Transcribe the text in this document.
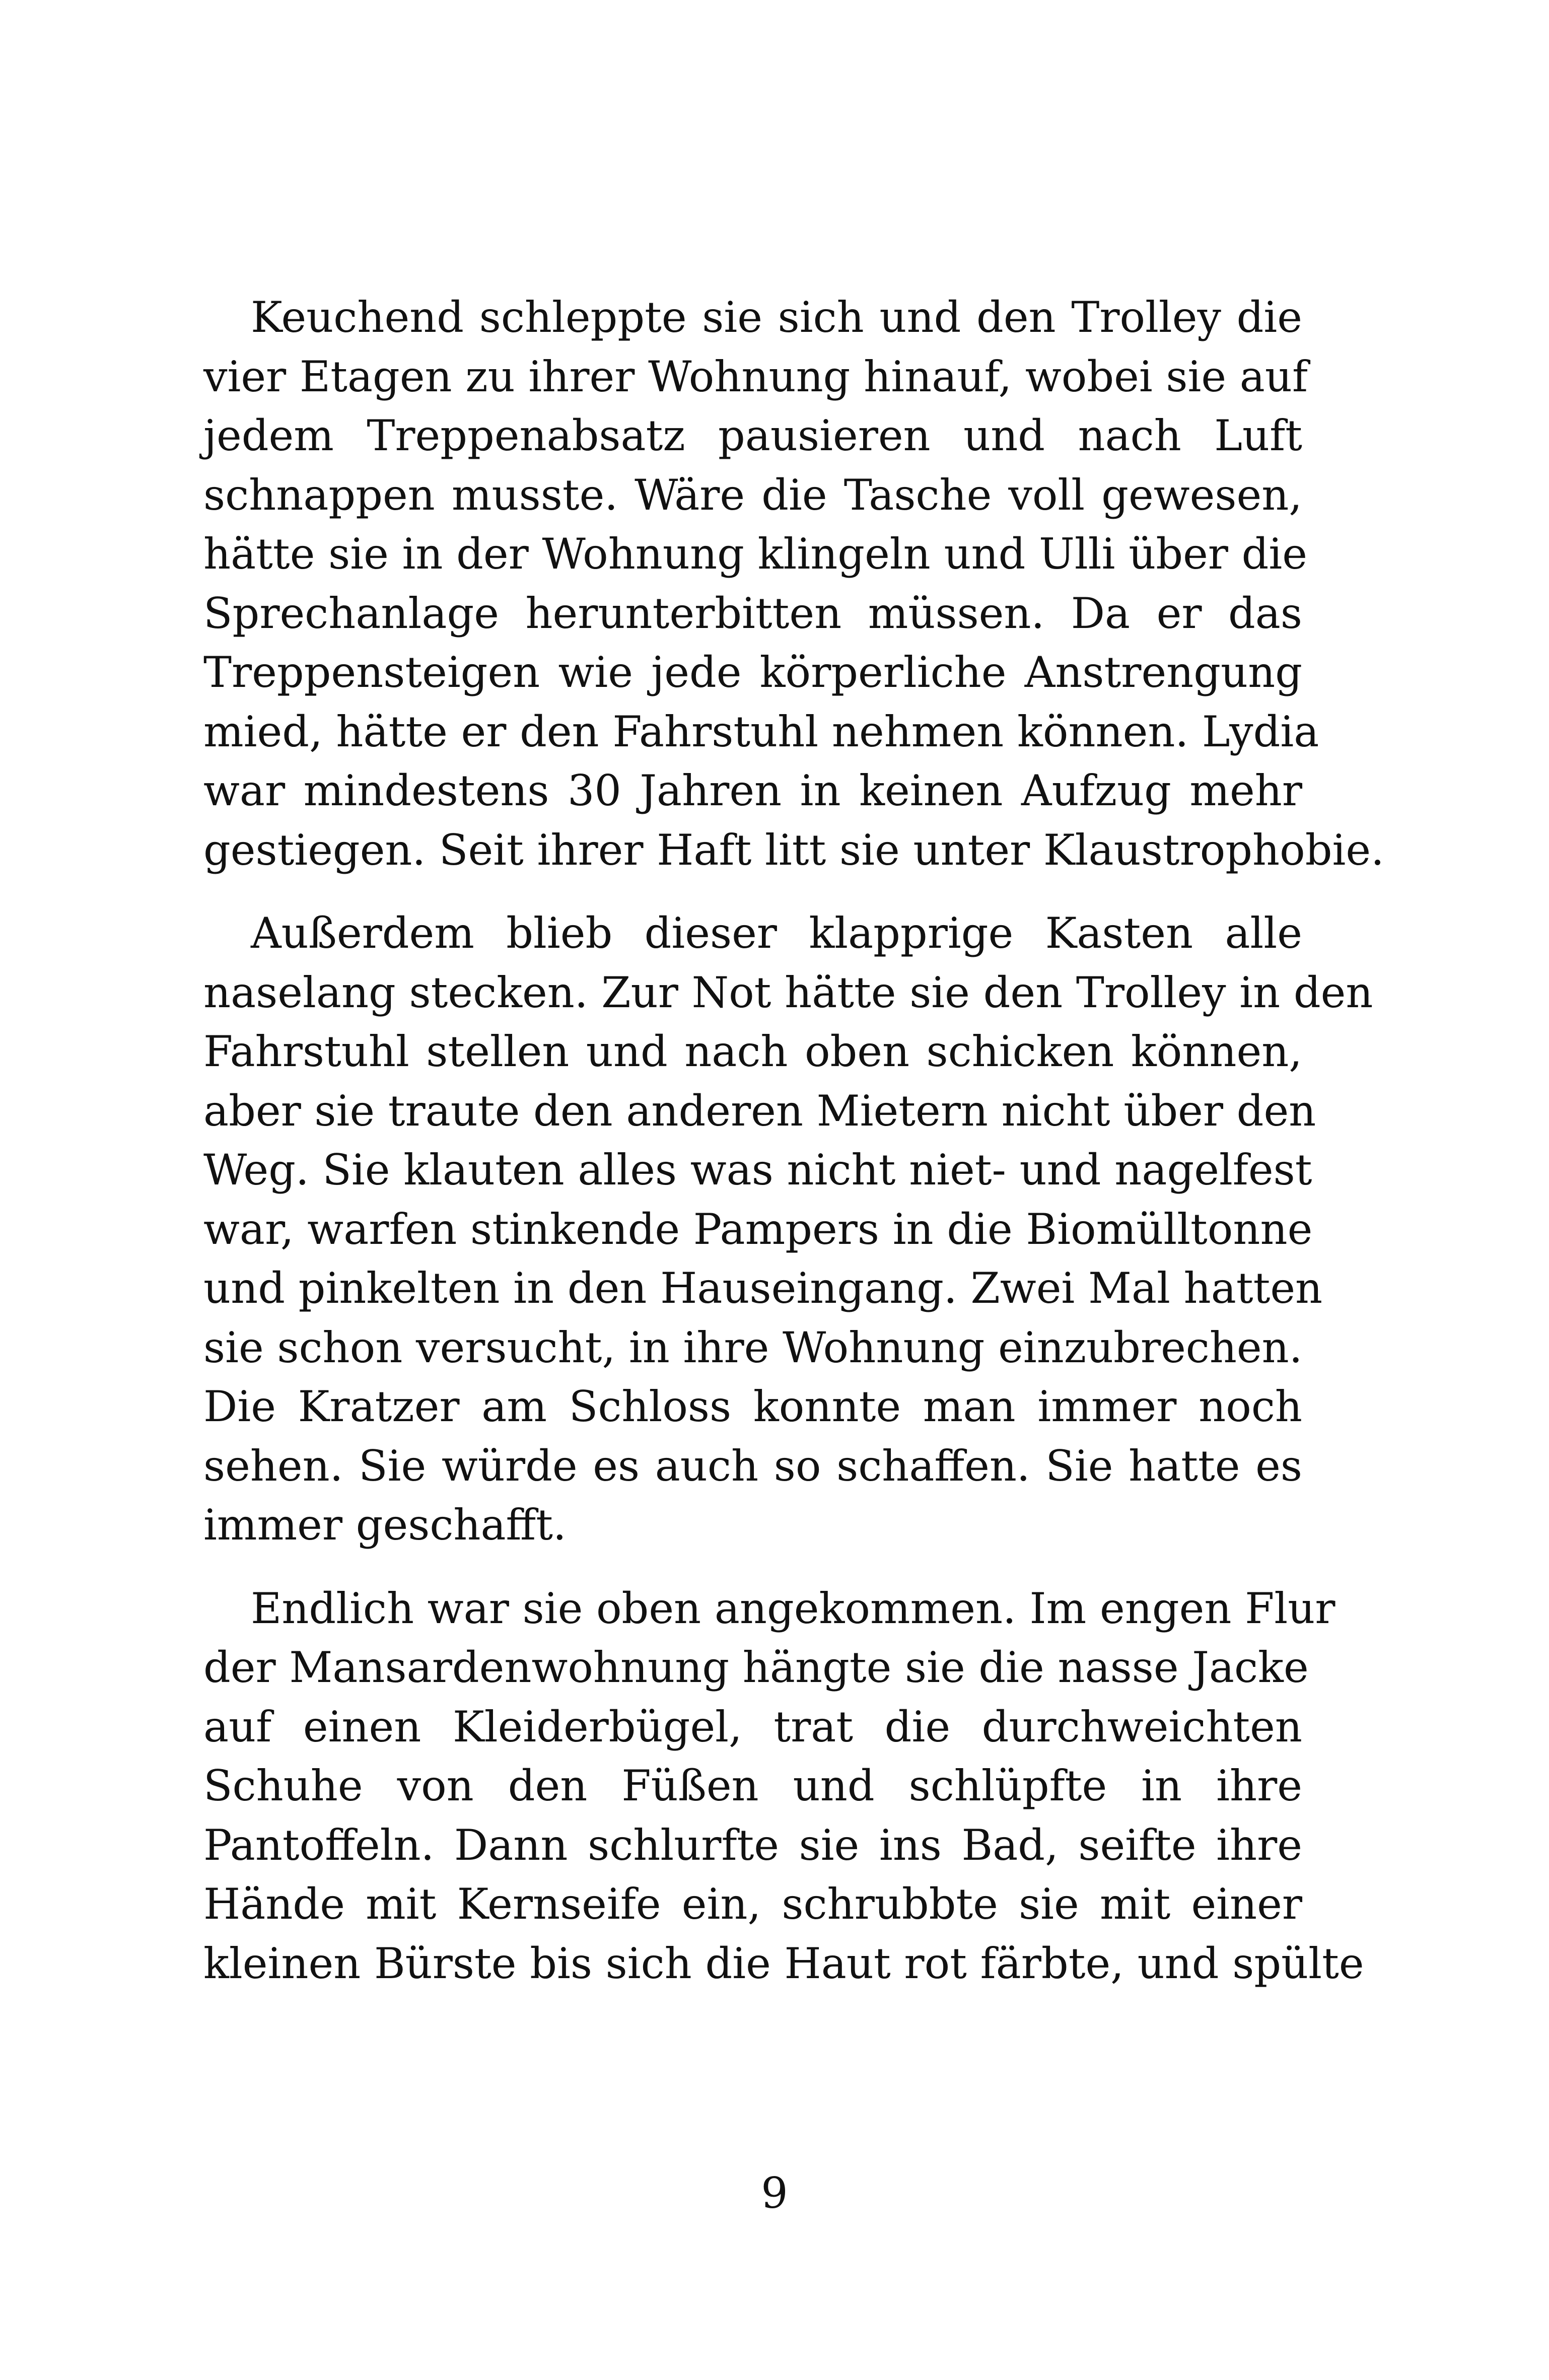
Keuchend schleppte sie sich und den Trolley die
vier Etagen zu ihrer Wohnung hinauf, wobei sie auf
jedem Treppenabsatz pausieren und nach Luft
schnappen musste. Wäre die Tasche voll gewesen,
hätte sie in der Wohnung klingeln und Ulli über die
Sprechanlage herunterbitten müssen. Da er das
Treppensteigen wie jede körperliche Anstrengung
mied, hätte er den Fahrstuhl nehmen können. Lydia
war mindestens 30 Jahren in keinen Aufzug mehr
gestiegen. Seit ihrer Haft litt sie unter Klaustrophobie.
Außerdem blieb dieser klapprige Kasten alle
naselang stecken. Zur Not hätte sie den Trolley in den
Fahrstuhl stellen und nach oben schicken können,
aber sie traute den anderen Mietern nicht über den
Weg. Sie klauten alles was nicht niet- und nagelfest
war, warfen stinkende Pampers in die Biomülltonne
und pinkelten in den Hauseingang. Zwei Mal hatten
sie schon versucht, in ihre Wohnung einzubrechen.
Die Kratzer am Schloss konnte man immer noch
sehen. Sie würde es auch so schaffen. Sie hatte es
immer geschafft.
Endlich war sie oben angekommen. Im engen Flur
der Mansardenwohnung hängte sie die nasse Jacke
auf einen Kleiderbügel, trat die durchweichten
Schuhe von den Füßen und schlüpfte in ihre
Pantoffeln. Dann schlurfte sie ins Bad, seifte ihre
Hände mit Kernseife ein, schrubbte sie mit einer
kleinen Bürste bis sich die Haut rot färbte, und spülte
9
